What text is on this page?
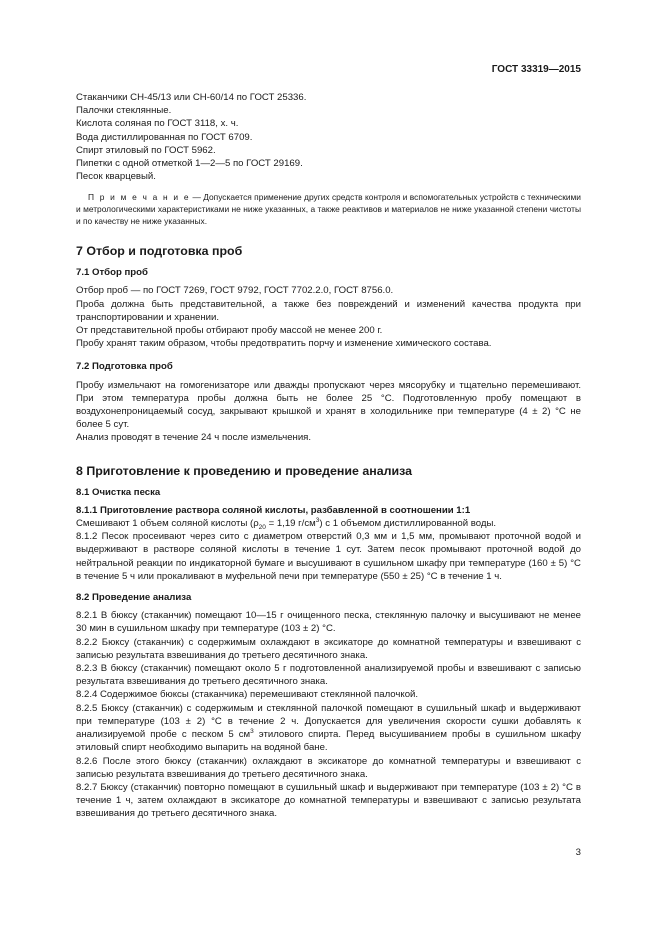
ГОСТ 33319—2015

Стаканчики СН-45/13 или СН-60/14 по ГОСТ 25336.

Палочки стеклянные.

Кислота соляная по ГОСТ 3118, х. ч.

Вода дистиллированная по ГОСТ 6709.

Спирт этиловый по ГОСТ 5962.

Пипетки с одной отметкой 1—2—5 по ГОСТ 29169.

Песок кварцевый.

П р и м е ч а н и е — Допускается применение других средств контроля и вспомогательных устройств с техническими и метрологическими характеристиками не ниже указанных, а также реактивов и материалов не ниже указанной степени чистоты и по качеству не ниже указанных.

7 Отбор и подготовка проб
7.1 Отбор проб

Отбор проб — по ГОСТ 7269, ГОСТ 9792, ГОСТ 7702.2.0, ГОСТ 8756.0.

Проба должна быть представительной, а также без повреждений и изменений качества продукта при транспортировании и хранении.

От представительной пробы отбирают пробу массой не менее 200 г.

Пробу хранят таким образом, чтобы предотвратить порчу и изменение химического состава.

7.2 Подготовка проб

Пробу измельчают на гомогенизаторе или дважды пропускают через мясорубку и тщательно перемешивают. При этом температура пробы должна быть не более 25 °С. Подготовленную пробу помещают в воздухонепроницаемый сосуд, закрывают крышкой и хранят в холодильнике при температуре (4 ± 2) °С не более 5 сут.

Анализ проводят в течение 24 ч после измельчения.

8 Приготовление к проведению и проведение анализа
8.1 Очистка песка
8.1.1 Приготовление раствора соляной кислоты, разбавленной в соотношении 1:1

Смешивают 1 объем соляной кислоты ($\rho_{20} = 1,19$ $г/см^3$) с 1 объемом дистиллированной воды.

8.1.2 Песок просеивают через сито с диаметром отверстий 0,3 мм и 1,5 мм, промывают проточной водой и выдерживают в растворе соляной кислоты в течение 1 сут. Затем песок промывают проточной водой до нейтральной реакции по индикаторной бумаге и высушивают в сушильном шкафу при температуре (160 ± 5) °С в течение 5 ч или прокаливают в муфельной печи при температуре (550 ± 25) °С в течение 1 ч.

8.2 Проведение анализа

8.2.1 В бюксу (стаканчик) помещают 10—15 г очищенного песка, стеклянную палочку и высушивают не менее 30 мин в сушильном шкафу при температуре (103 ± 2) °С.

8.2.2 Бюксу (стаканчик) с содержимым охлаждают в эксикаторе до комнатной температуры и взвешивают с записью результата взвешивания до третьего десятичного знака.

8.2.3 В бюксу (стаканчик) помещают около 5 г подготовленной анализируемой пробы и взвешивают с записью результата взвешивания до третьего десятичного знака.

8.2.4 Содержимое бюксы (стаканчика) перемешивают стеклянной палочкой.

8.2.5 Бюксу (стаканчик) с содержимым и стеклянной палочкой помещают в сушильный шкаф и выдерживают при температуре (103 ± 2) °С в течение 2 ч. Допускается для увеличения скорости сушки добавлять к анализируемой пробе с песком 5 $см^3$ этилового спирта. Перед высушиванием пробы в сушильном шкафу этиловый спирт необходимо выпарить на водяной бане.

8.2.6 После этого бюксу (стаканчик) охлаждают в эксикаторе до комнатной температуры и взвешивают с записью результата взвешивания до третьего десятичного знака.

8.2.7 Бюксу (стаканчик) повторно помещают в сушильный шкаф и выдерживают при температуре (103 ± 2) °С в течение 1 ч, затем охлаждают в эксикаторе до комнатной температуры и взвешивают с записью результата взвешивания до третьего десятичного знака.

3
